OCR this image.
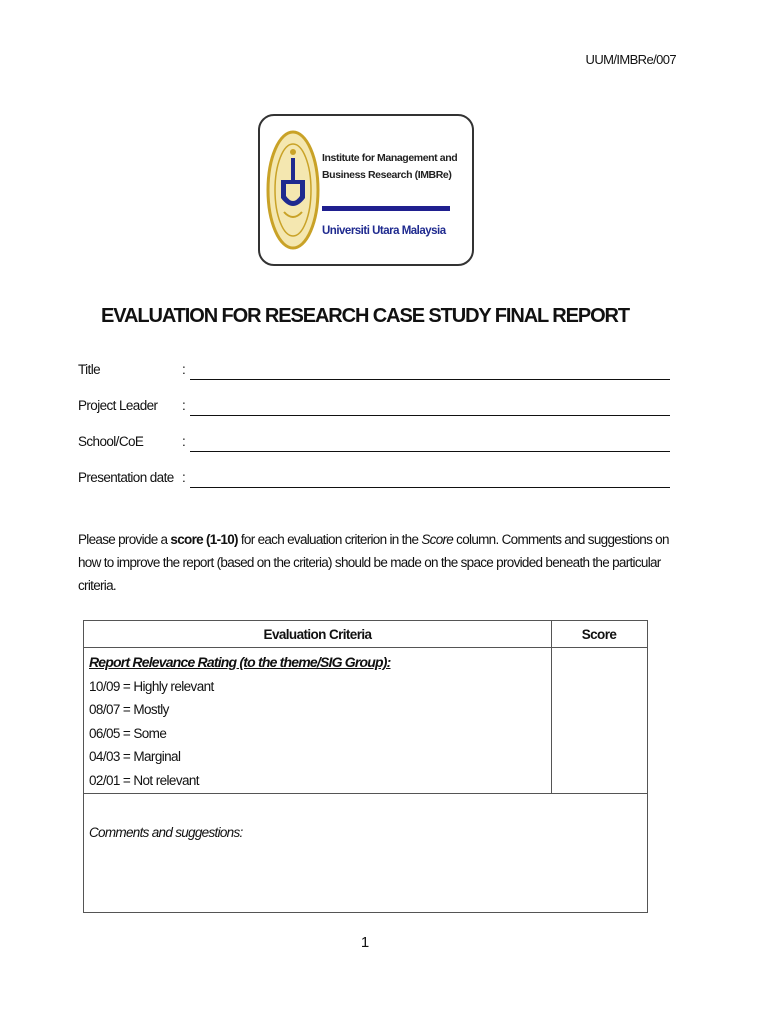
UUM/IMBRe/007
Institute for Management and Business Research (IMBRe)
Universiti Utara Malaysia
EVALUATION FOR RESEARCH CASE STUDY FINAL REPORT
Title	:
Project Leader :
School/CoE	:
Presentation date :
Please provide a score (1-10) for each evaluation criterion in the Score column. Comments and suggestions on how to improve the report (based on the criteria) should be made on the space provided beneath the particular criteria.
Evaluation Criteria	Score
Report Relevance Rating (to the theme/SIG Group):
10/09 = Highly relevant
08/07 = Mostly
06/05 = Some
04/03 = Marginal
02/01 = Not relevant
Comments and suggestions:
1
